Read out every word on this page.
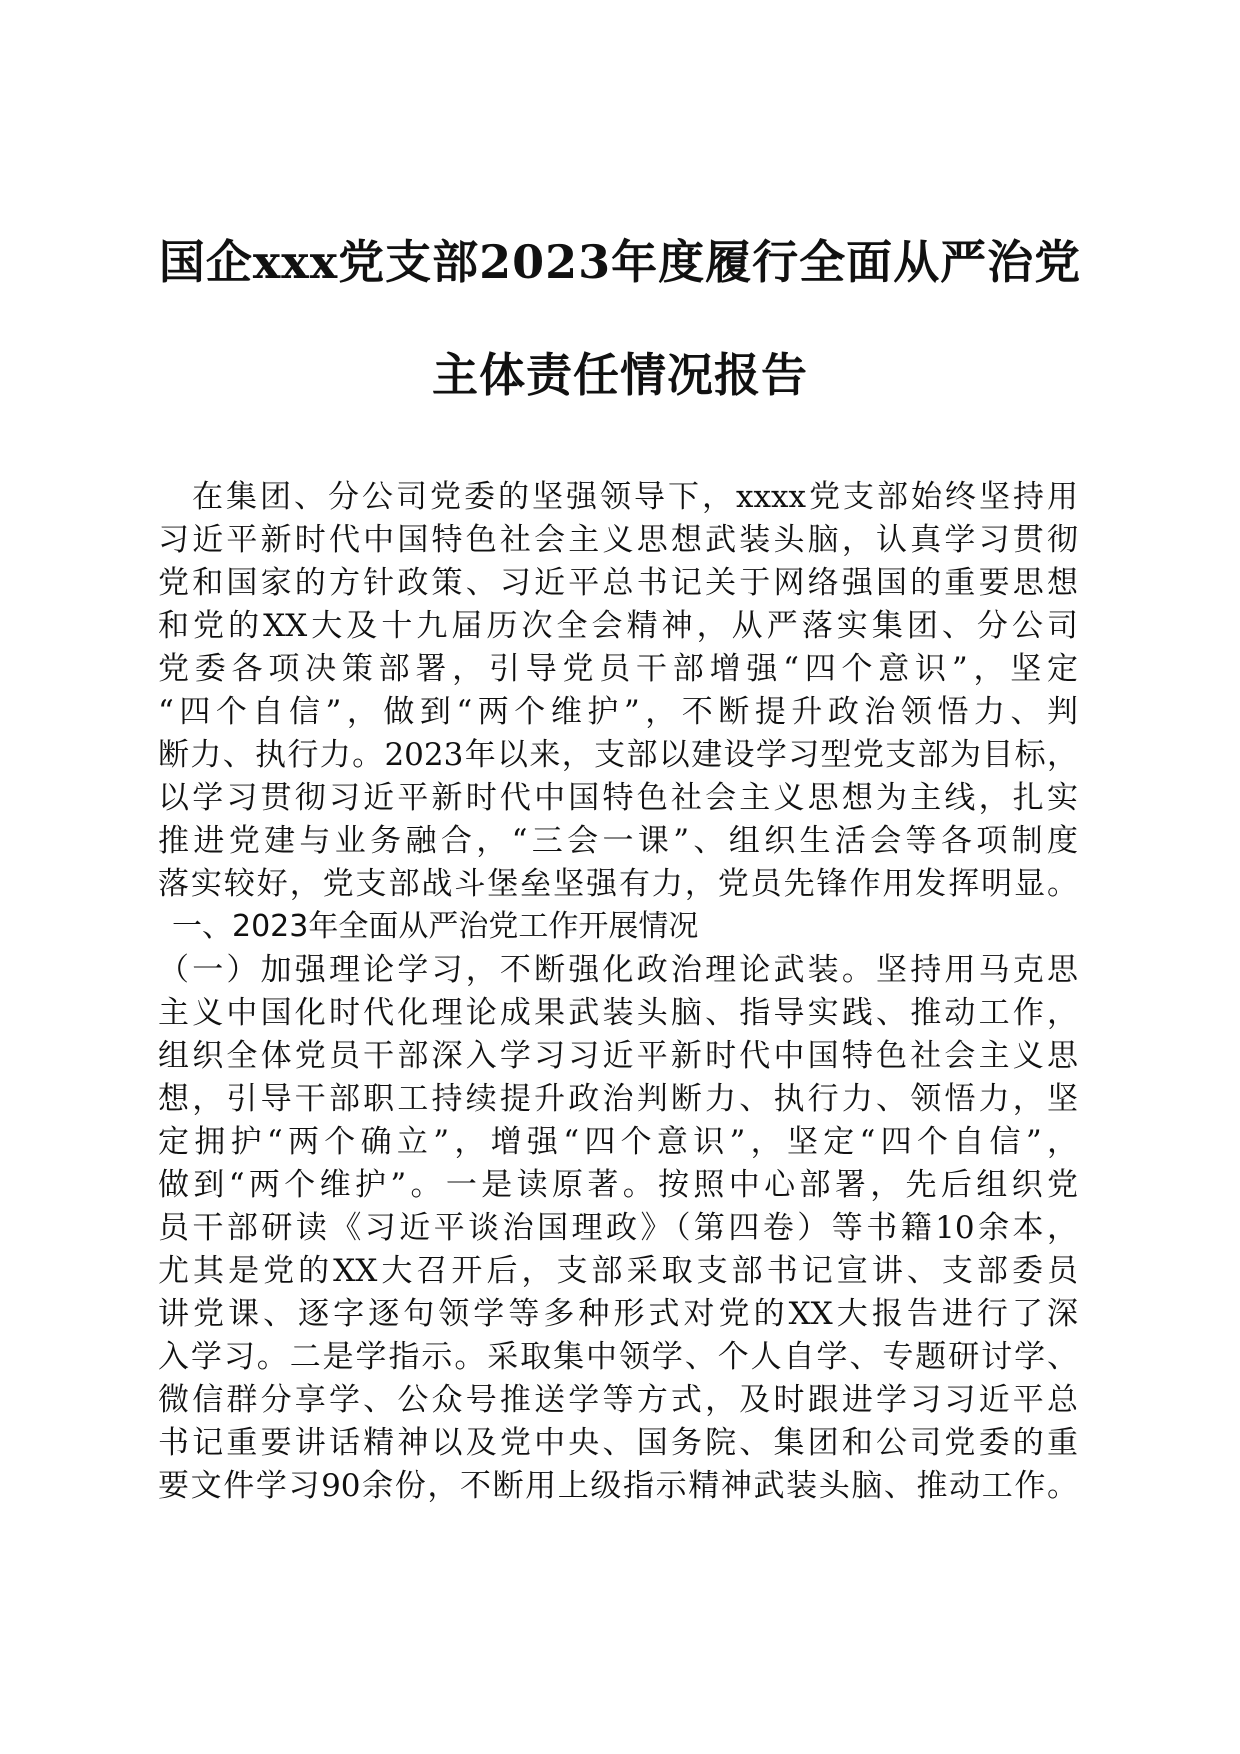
国企xxx党支部2023年度履行全面从严治党
主体责任情况报告
　在集团、分公司党委的坚强领导下，xxxx党支部始终坚持用
习近平新时代中国特色社会主义思想武装头脑，认真学习贯彻
党和国家的方针政策、习近平总书记关于网络强国的重要思想
和党的XX大及十九届历次全会精神，从严落实集团、分公司
党委各项决策部署，引导党员干部增强“四个意识”，坚定
“四个自信”，做到“两个维护”，不断提升政治领悟力、判
断力、执行力。2023年以来，支部以建设学习型党支部为目标，
以学习贯彻习近平新时代中国特色社会主义思想为主线，扎实
推进党建与业务融合，“三会一课”、组织生活会等各项制度
落实较好，党支部战斗堡垒坚强有力，党员先锋作用发挥明显。
一、2023年全面从严治党工作开展情况
（一）加强理论学习，不断强化政治理论武装。坚持用马克思
主义中国化时代化理论成果武装头脑、指导实践、推动工作，
组织全体党员干部深入学习习近平新时代中国特色社会主义思
想，引导干部职工持续提升政治判断力、执行力、领悟力，坚
定拥护“两个确立”，增强“四个意识”，坚定“四个自信”，
做到“两个维护”。一是读原著。按照中心部署，先后组织党
员干部研读《习近平谈治国理政》（第四卷）等书籍10余本，
尤其是党的XX大召开后，支部采取支部书记宣讲、支部委员
讲党课、逐字逐句领学等多种形式对党的XX大报告进行了深
入学习。二是学指示。采取集中领学、个人自学、专题研讨学、
微信群分享学、公众号推送学等方式，及时跟进学习习近平总
书记重要讲话精神以及党中央、国务院、集团和公司党委的重
要文件学习90余份，不断用上级指示精神武装头脑、推动工作。
